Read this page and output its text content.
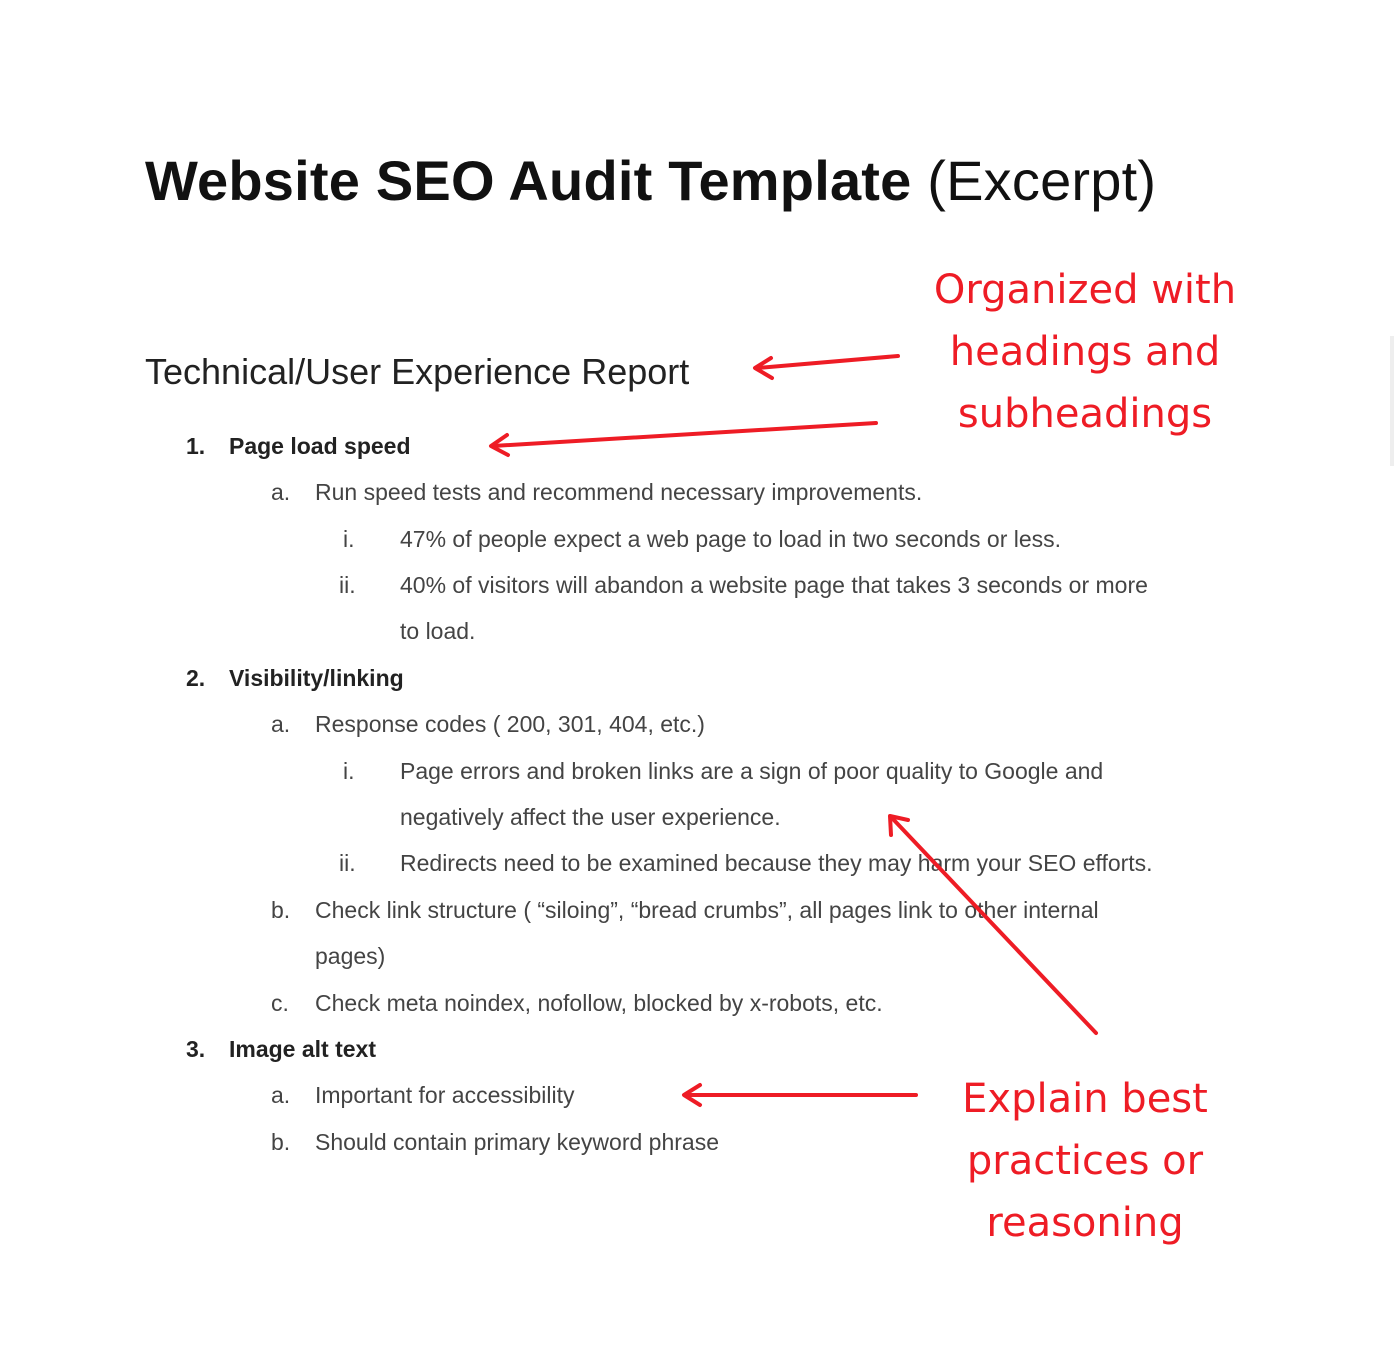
Website SEO Audit Template (Excerpt)
Technical/User Experience Report
1. Page load speed
a. Run speed tests and recommend necessary improvements.
i. 47% of people expect a web page to load in two seconds or less.
ii. 40% of visitors will abandon a website page that takes 3 seconds or more
to load.
2. Visibility/linking
a. Response codes ( 200, 301, 404, etc.)
i. Page errors and broken links are a sign of poor quality to Google and
negatively affect the user experience.
ii. Redirects need to be examined because they may harm your SEO efforts.
b. Check link structure ( “siloing”, “bread crumbs”, all pages link to other internal
pages)
c. Check meta noindex, nofollow, blocked by x-robots, etc.
3. Image alt text
a. Important for accessibility
b. Should contain primary keyword phrase
Organized with headings and subheadings
Explain best practices or reasoning
